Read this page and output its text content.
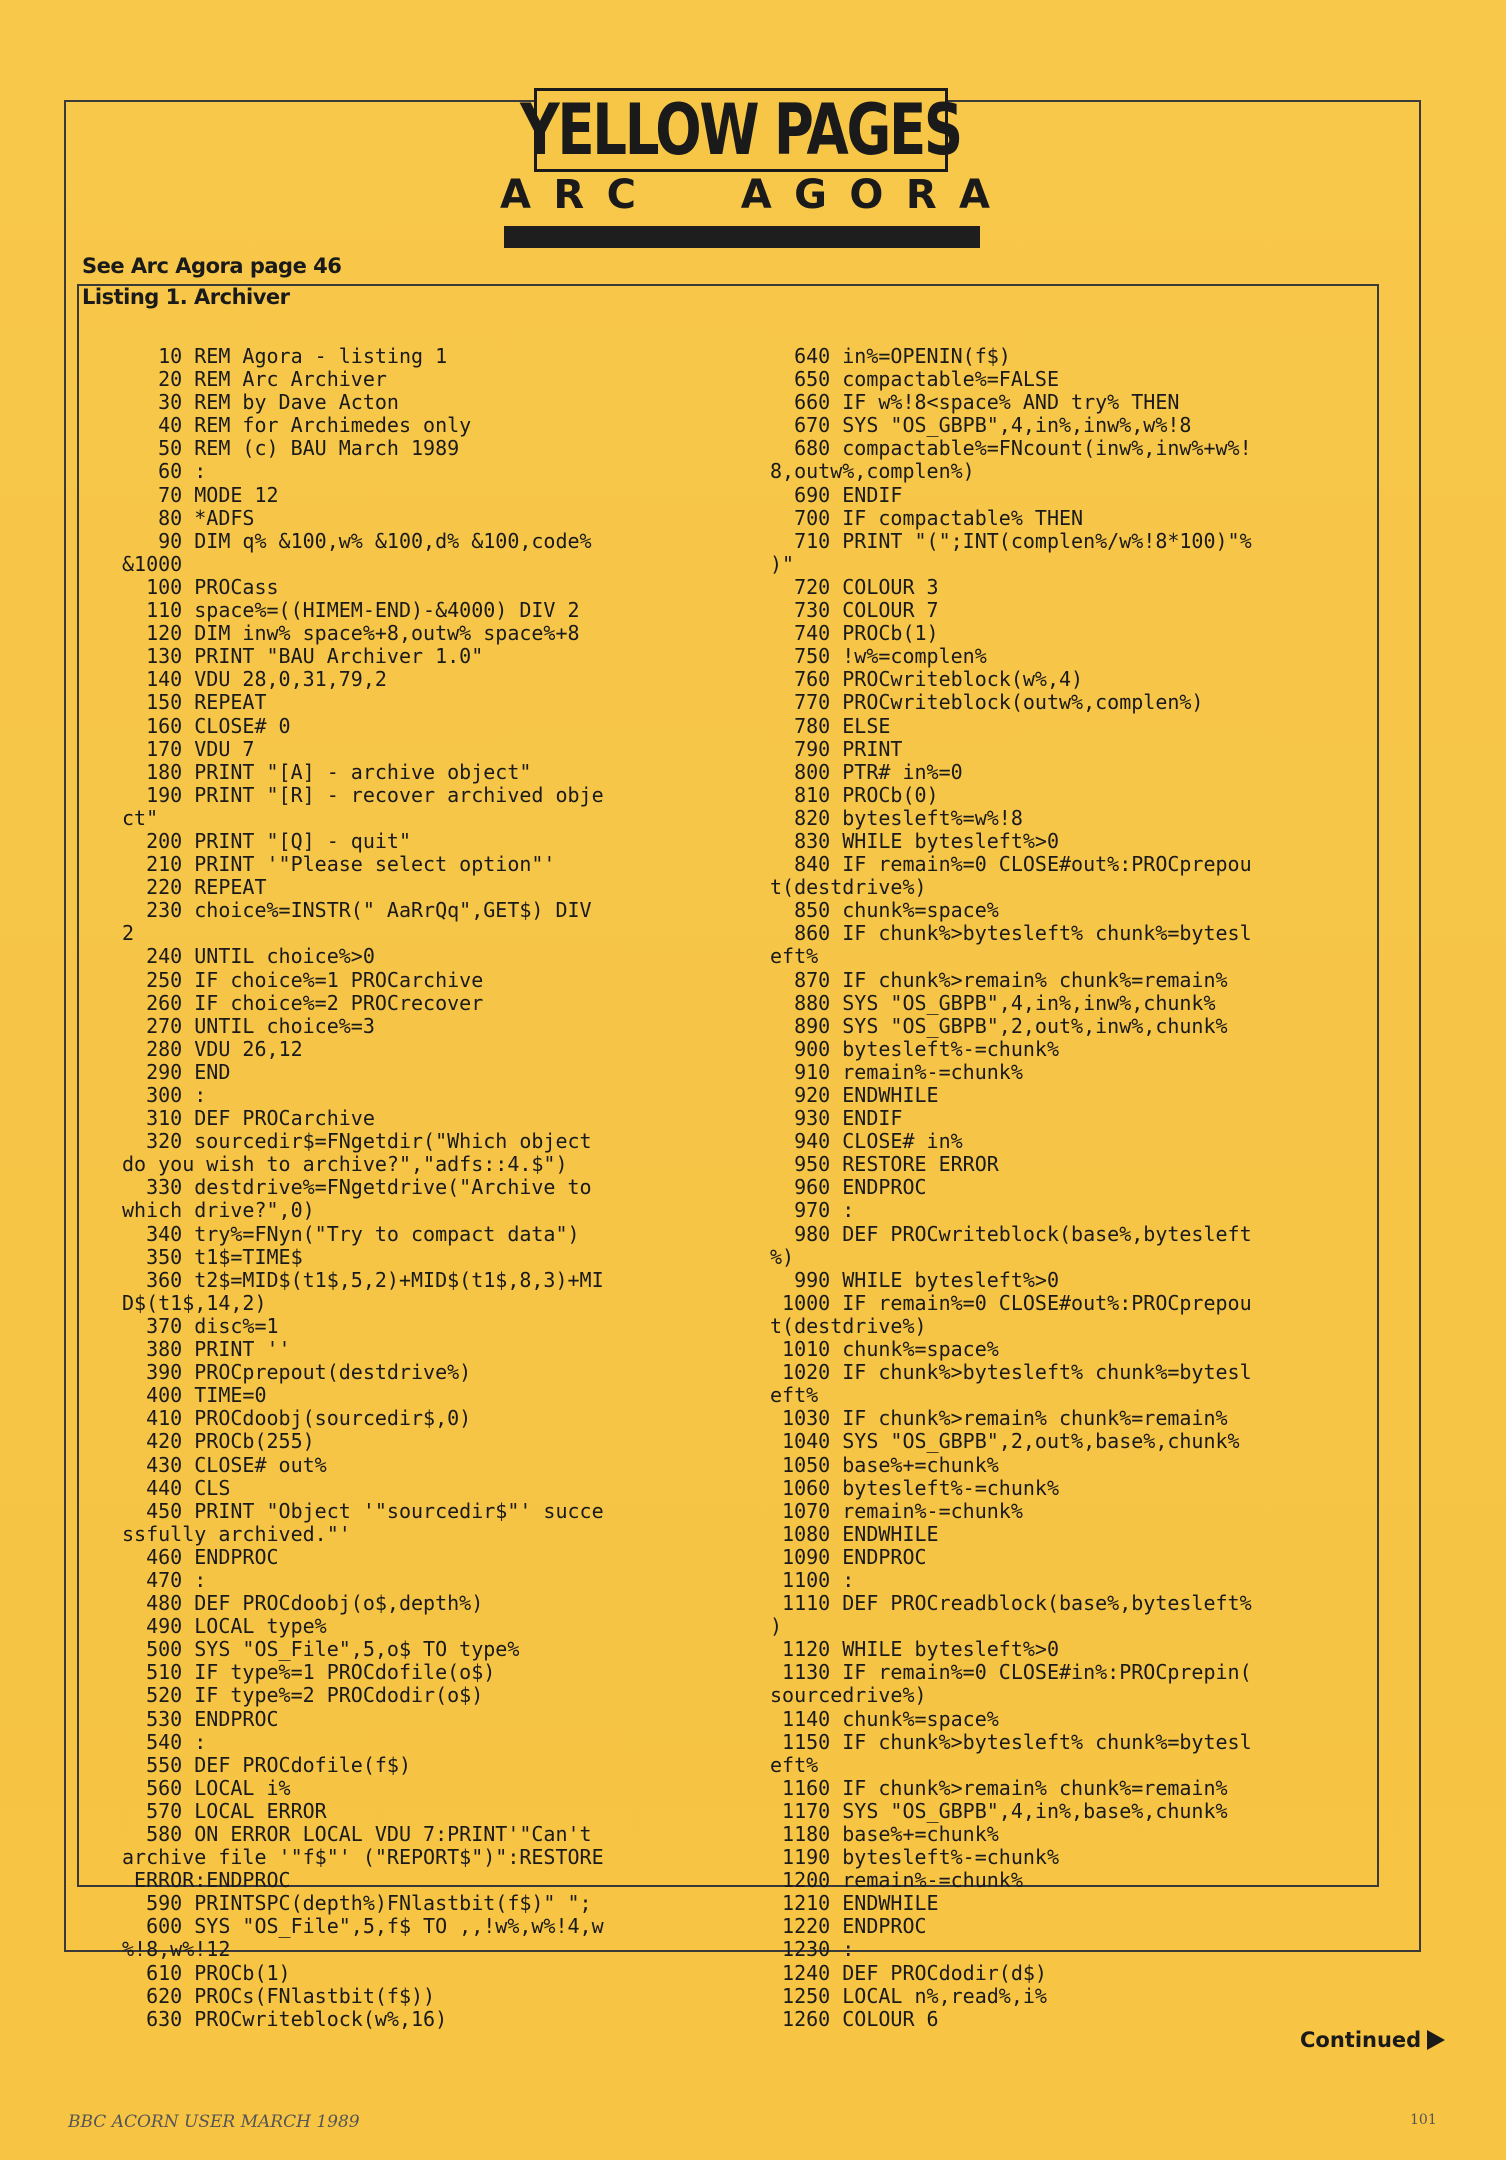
YELLOW PAGES
A R C	A G O R A
See Arc Agora page 46
Listing 1. Archiver
10 REM Agora - listing 1
20 REM Arc Archiver
30 REM by Dave Acton
40 REM for Archimedes only
50 REM (c) BAU March 1989
60 :
70 MODE 12
80 *ADFS
90 DIM q% &100,w% &100,d% &100,code%
&1000
100 PROCass
110 space%=((HIMEM-END)-&4000) DIV 2
120 DIM inw% space%+8,outw% space%+8
130 PRINT "BAU Archiver 1.0"
140 VDU 28,0,31,79,2
150 REPEAT
160 CLOSE# 0
170 VDU 7
180 PRINT "[A] - archive object"
190 PRINT "[R] - recover archived obje
ct"
200 PRINT "[Q] - quit"
210 PRINT '"Please select option"'
220 REPEAT
230 choice%=INSTR(" AaRrQq",GET$) DIV
2
240 UNTIL choice%>0
250 IF choice%=1 PROCarchive
260 IF choice%=2 PROCrecover
270 UNTIL choice%=3
280 VDU 26,12
290 END
300 :
310 DEF PROCarchive
320 sourcedir$=FNgetdir("Which object
do you wish to archive?","adfs::4.$")
330 destdrive%=FNgetdrive("Archive to
which drive?",0)
340 try%=FNyn("Try to compact data")
350 t1$=TIME$
360 t2$=MID$(t1$,5,2)+MID$(t1$,8,3)+MI
D$(t1$,14,2)
370 disc%=1
380 PRINT ''
390 PROCprepout(destdrive%)
400 TIME=0
410 PROCdoobj(sourcedir$,0)
420 PROCb(255)
430 CLOSE# out%
440 CLS
450 PRINT "Object '"sourcedir$"' succe
ssfully archived."'
460 ENDPROC
470 :
480 DEF PROCdoobj(o$,depth%)
490 LOCAL type%
500 SYS "OS_File",5,o$ TO type%
510 IF type%=1 PROCdofile(o$)
520 IF type%=2 PROCdodir(o$)
530 ENDPROC
540 :
550 DEF PROCdofile(f$)
560 LOCAL i%
570 LOCAL ERROR
580 ON ERROR LOCAL VDU 7:PRINT'"Can't
archive file '"f$"' ("REPORT$")":RESTORE
ERROR:ENDPROC
590 PRINTSPC(depth%)FNlastbit(f$)" ";
600 SYS "OS_File",5,f$ TO ,,!w%,w%!4,w
%!8,w%!12
610 PROCb(1)
620 PROCs(FNlastbit(f$))
630 PROCwriteblock(w%,16)
640 in%=OPENIN(f$)
650 compactable%=FALSE
660 IF w%!8<space% AND try% THEN
670 SYS "OS_GBPB",4,in%,inw%,w%!8
680 compactable%=FNcount(inw%,inw%+w%!
8,outw%,complen%)
690 ENDIF
700 IF compactable% THEN
710 PRINT "(";INT(complen%/w%!8*100)"%
)"
720 COLOUR 3
730 COLOUR 7
740 PROCb(1)
750 !w%=complen%
760 PROCwriteblock(w%,4)
770 PROCwriteblock(outw%,complen%)
780 ELSE
790 PRINT
800 PTR# in%=0
810 PROCb(0)
820 bytesleft%=w%!8
830 WHILE bytesleft%>0
840 IF remain%=0 CLOSE#out%:PROCprepou
t(destdrive%)
850 chunk%=space%
860 IF chunk%>bytesleft% chunk%=bytesl
eft%
870 IF chunk%>remain% chunk%=remain%
880 SYS "OS_GBPB",4,in%,inw%,chunk%
890 SYS "OS_GBPB",2,out%,inw%,chunk%
900 bytesleft%-=chunk%
910 remain%-=chunk%
920 ENDWHILE
930 ENDIF
940 CLOSE# in%
950 RESTORE ERROR
960 ENDPROC
970 :
980 DEF PROCwriteblock(base%,bytesleft
%)
990 WHILE bytesleft%>0
1000 IF remain%=0 CLOSE#out%:PROCprepou
t(destdrive%)
1010 chunk%=space%
1020 IF chunk%>bytesleft% chunk%=bytesl
eft%
1030 IF chunk%>remain% chunk%=remain%
1040 SYS "OS_GBPB",2,out%,base%,chunk%
1050 base%+=chunk%
1060 bytesleft%-=chunk%
1070 remain%-=chunk%
1080 ENDWHILE
1090 ENDPROC
1100 :
1110 DEF PROCreadblock(base%,bytesleft%
)
1120 WHILE bytesleft%>0
1130 IF remain%=0 CLOSE#in%:PROCprepin(
sourcedrive%)
1140 chunk%=space%
1150 IF chunk%>bytesleft% chunk%=bytesl
eft%
1160 IF chunk%>remain% chunk%=remain%
1170 SYS "OS_GBPB",4,in%,base%,chunk%
1180 base%+=chunk%
1190 bytesleft%-=chunk%
1200 remain%-=chunk%
1210 ENDWHILE
1220 ENDPROC
1230 :
1240 DEF PROCdodir(d$)
1250 LOCAL n%,read%,i%
1260 COLOUR 6
Continued
BBC ACORN USER MARCH 1989	101
